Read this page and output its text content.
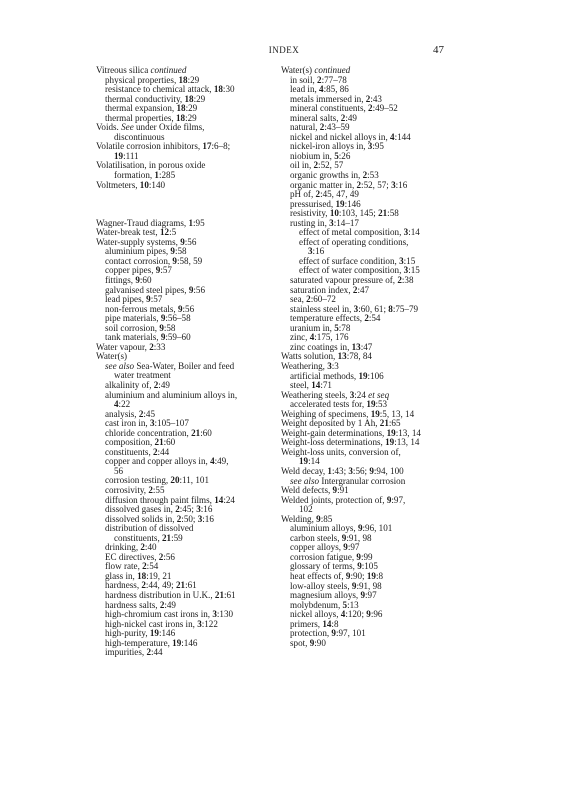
INDEX	47
Vitreous silica continued
physical properties, 18:29
resistance to chemical attack, 18:30
thermal conductivity, 18:29
thermal expansion, 18:29
thermal properties, 18:29
Voids. See under Oxide films,
discontinuous
Volatile corrosion inhibitors, 17:6–8;
19:111
Volatilisation, in porous oxide
formation, 1:285
Voltmeters, 10:140
Wagner-Traud diagrams, 1:95
Water-break test, 12:5
Water-supply systems, 9:56
aluminium pipes, 9:58
contact corrosion, 9:58, 59
copper pipes, 9:57
fittings, 9:60
galvanised steel pipes, 9:56
lead pipes, 9:57
non-ferrous metals, 9:56
pipe materials, 9:56–58
soil corrosion, 9:58
tank materials, 9:59–60
Water vapour, 2:33
Water(s)
see also Sea-Water, Boiler and feed
water treatment
alkalinity of, 2:49
aluminium and aluminium alloys in,
4:22
analysis, 2:45
cast iron in, 3:105–107
chloride concentration, 21:60
composition, 21:60
constituents, 2:44
copper and copper alloys in, 4:49,
56
corrosion testing, 20:11, 101
corrosivity, 2:55
diffusion through paint films, 14:24
dissolved gases in, 2:45; 3:16
dissolved solids in, 2:50; 3:16
distribution of dissolved
constituents, 21:59
drinking, 2:40
EC directives, 2:56
flow rate, 2:54
glass in, 18:19, 21
hardness, 2:44, 49; 21:61
hardness distribution in U.K., 21:61
hardness salts, 2:49
high-chromium cast irons in, 3:130
high-nickel cast irons in, 3:122
high-purity, 19:146
high-temperature, 19:146
impurities, 2:44
Water(s) continued
in soil, 2:77–78
lead in, 4:85, 86
metals immersed in, 2:43
mineral constituents, 2:49–52
mineral salts, 2:49
natural, 2:43–59
nickel and nickel alloys in, 4:144
nickel-iron alloys in, 3:95
niobium in, 5:26
oil in, 2:52, 57
organic growths in, 2:53
organic matter in, 2:52, 57; 3:16
pH of, 2:45, 47, 49
pressurised, 19:146
resistivity, 10:103, 145; 21:58
rusting in, 3:14–17
effect of metal composition, 3:14
effect of operating conditions,
3:16
effect of surface condition, 3:15
effect of water composition, 3:15
saturated vapour pressure of, 2:38
saturation index, 2:47
sea, 2:60–72
stainless steel in, 3:60, 61; 8:75–79
temperature effects, 2:54
uranium in, 5:78
zinc, 4:175, 176
zinc coatings in, 13:47
Watts solution, 13:78, 84
Weathering, 3:3
artificial methods, 19:106
steel, 14:71
Weathering steels, 3:24 et seq
accelerated tests for, 19:53
Weighing of specimens, 19:5, 13, 14
Weight deposited by 1 Ah, 21:65
Weight-gain determinations, 19:13, 14
Weight-loss determinations, 19:13, 14
Weight-loss units, conversion of,
19:14
Weld decay, 1:43; 3:56; 9:94, 100
see also Intergranular corrosion
Weld defects, 9:91
Welded joints, protection of, 9:97,
102
Welding, 9:85
aluminium alloys, 9:96, 101
carbon steels, 9:91, 98
copper alloys, 9:97
corrosion fatigue, 9:99
glossary of terms, 9:105
heat effects of, 9:90; 19:8
low-alloy steels, 9:91, 98
magnesium alloys, 9:97
molybdenum, 5:13
nickel alloys, 4:120; 9:96
primers, 14:8
protection, 9:97, 101
spot, 9:90
